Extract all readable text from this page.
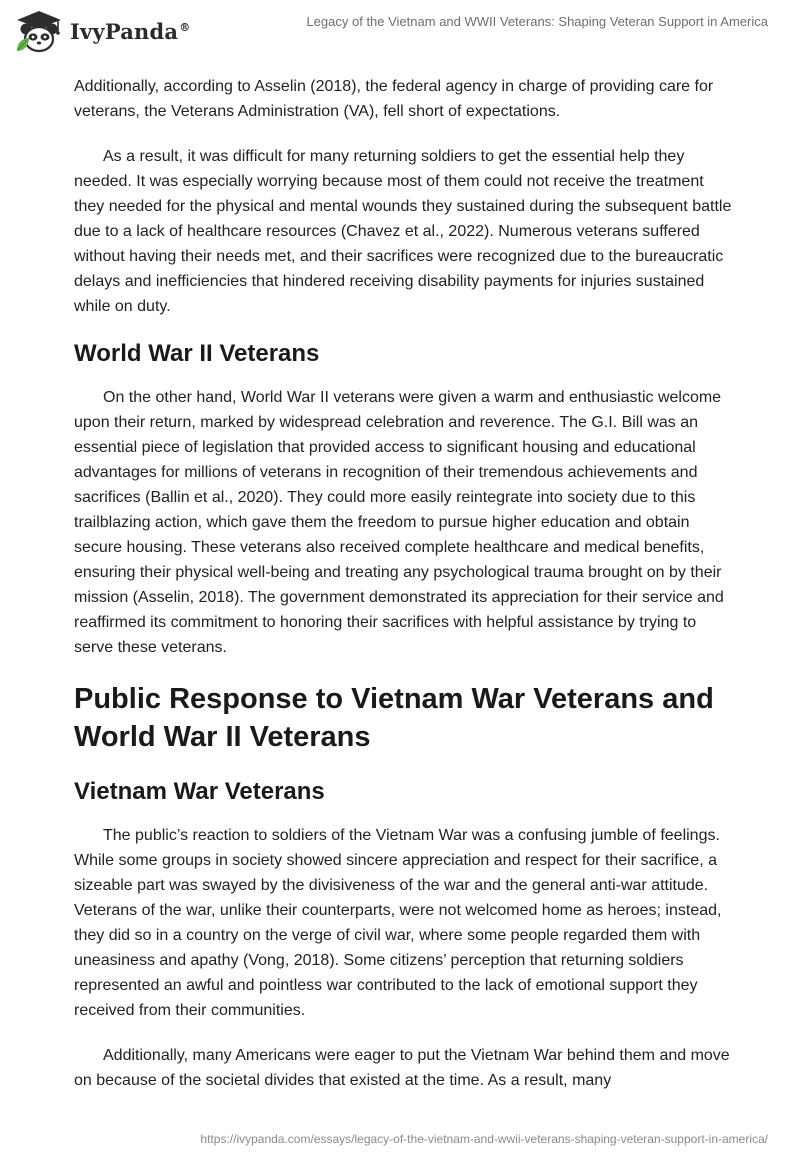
IvyPanda®	Legacy of the Vietnam and WWII Veterans: Shaping Veteran Support in America

Additionally, according to Asselin (2018), the federal agency in charge of providing care for veterans, the Veterans Administration (VA), fell short of expectations.

As a result, it was difficult for many returning soldiers to get the essential help they needed. It was especially worrying because most of them could not receive the treatment they needed for the physical and mental wounds they sustained during the subsequent battle due to a lack of healthcare resources (Chavez et al., 2022). Numerous veterans suffered without having their needs met, and their sacrifices were recognized due to the bureaucratic delays and inefficiencies that hindered receiving disability payments for injuries sustained while on duty.

World War II Veterans

On the other hand, World War II veterans were given a warm and enthusiastic welcome upon their return, marked by widespread celebration and reverence. The G.I. Bill was an essential piece of legislation that provided access to significant housing and educational advantages for millions of veterans in recognition of their tremendous achievements and sacrifices (Ballin et al., 2020). They could more easily reintegrate into society due to this trailblazing action, which gave them the freedom to pursue higher education and obtain secure housing. These veterans also received complete healthcare and medical benefits, ensuring their physical well-being and treating any psychological trauma brought on by their mission (Asselin, 2018). The government demonstrated its appreciation for their service and reaffirmed its commitment to honoring their sacrifices with helpful assistance by trying to serve these veterans.

Public Response to Vietnam War Veterans and World War II Veterans
Vietnam War Veterans

The public’s reaction to soldiers of the Vietnam War was a confusing jumble of feelings. While some groups in society showed sincere appreciation and respect for their sacrifice, a sizeable part was swayed by the divisiveness of the war and the general anti-war attitude. Veterans of the war, unlike their counterparts, were not welcomed home as heroes; instead, they did so in a country on the verge of civil war, where some people regarded them with uneasiness and apathy (Vong, 2018). Some citizens’ perception that returning soldiers represented an awful and pointless war contributed to the lack of emotional support they received from their communities.

Additionally, many Americans were eager to put the Vietnam War behind them and move on because of the societal divides that existed at the time. As a result, many

https://ivypanda.com/essays/legacy-of-the-vietnam-and-wwii-veterans-shaping-veteran-support-in-america/
